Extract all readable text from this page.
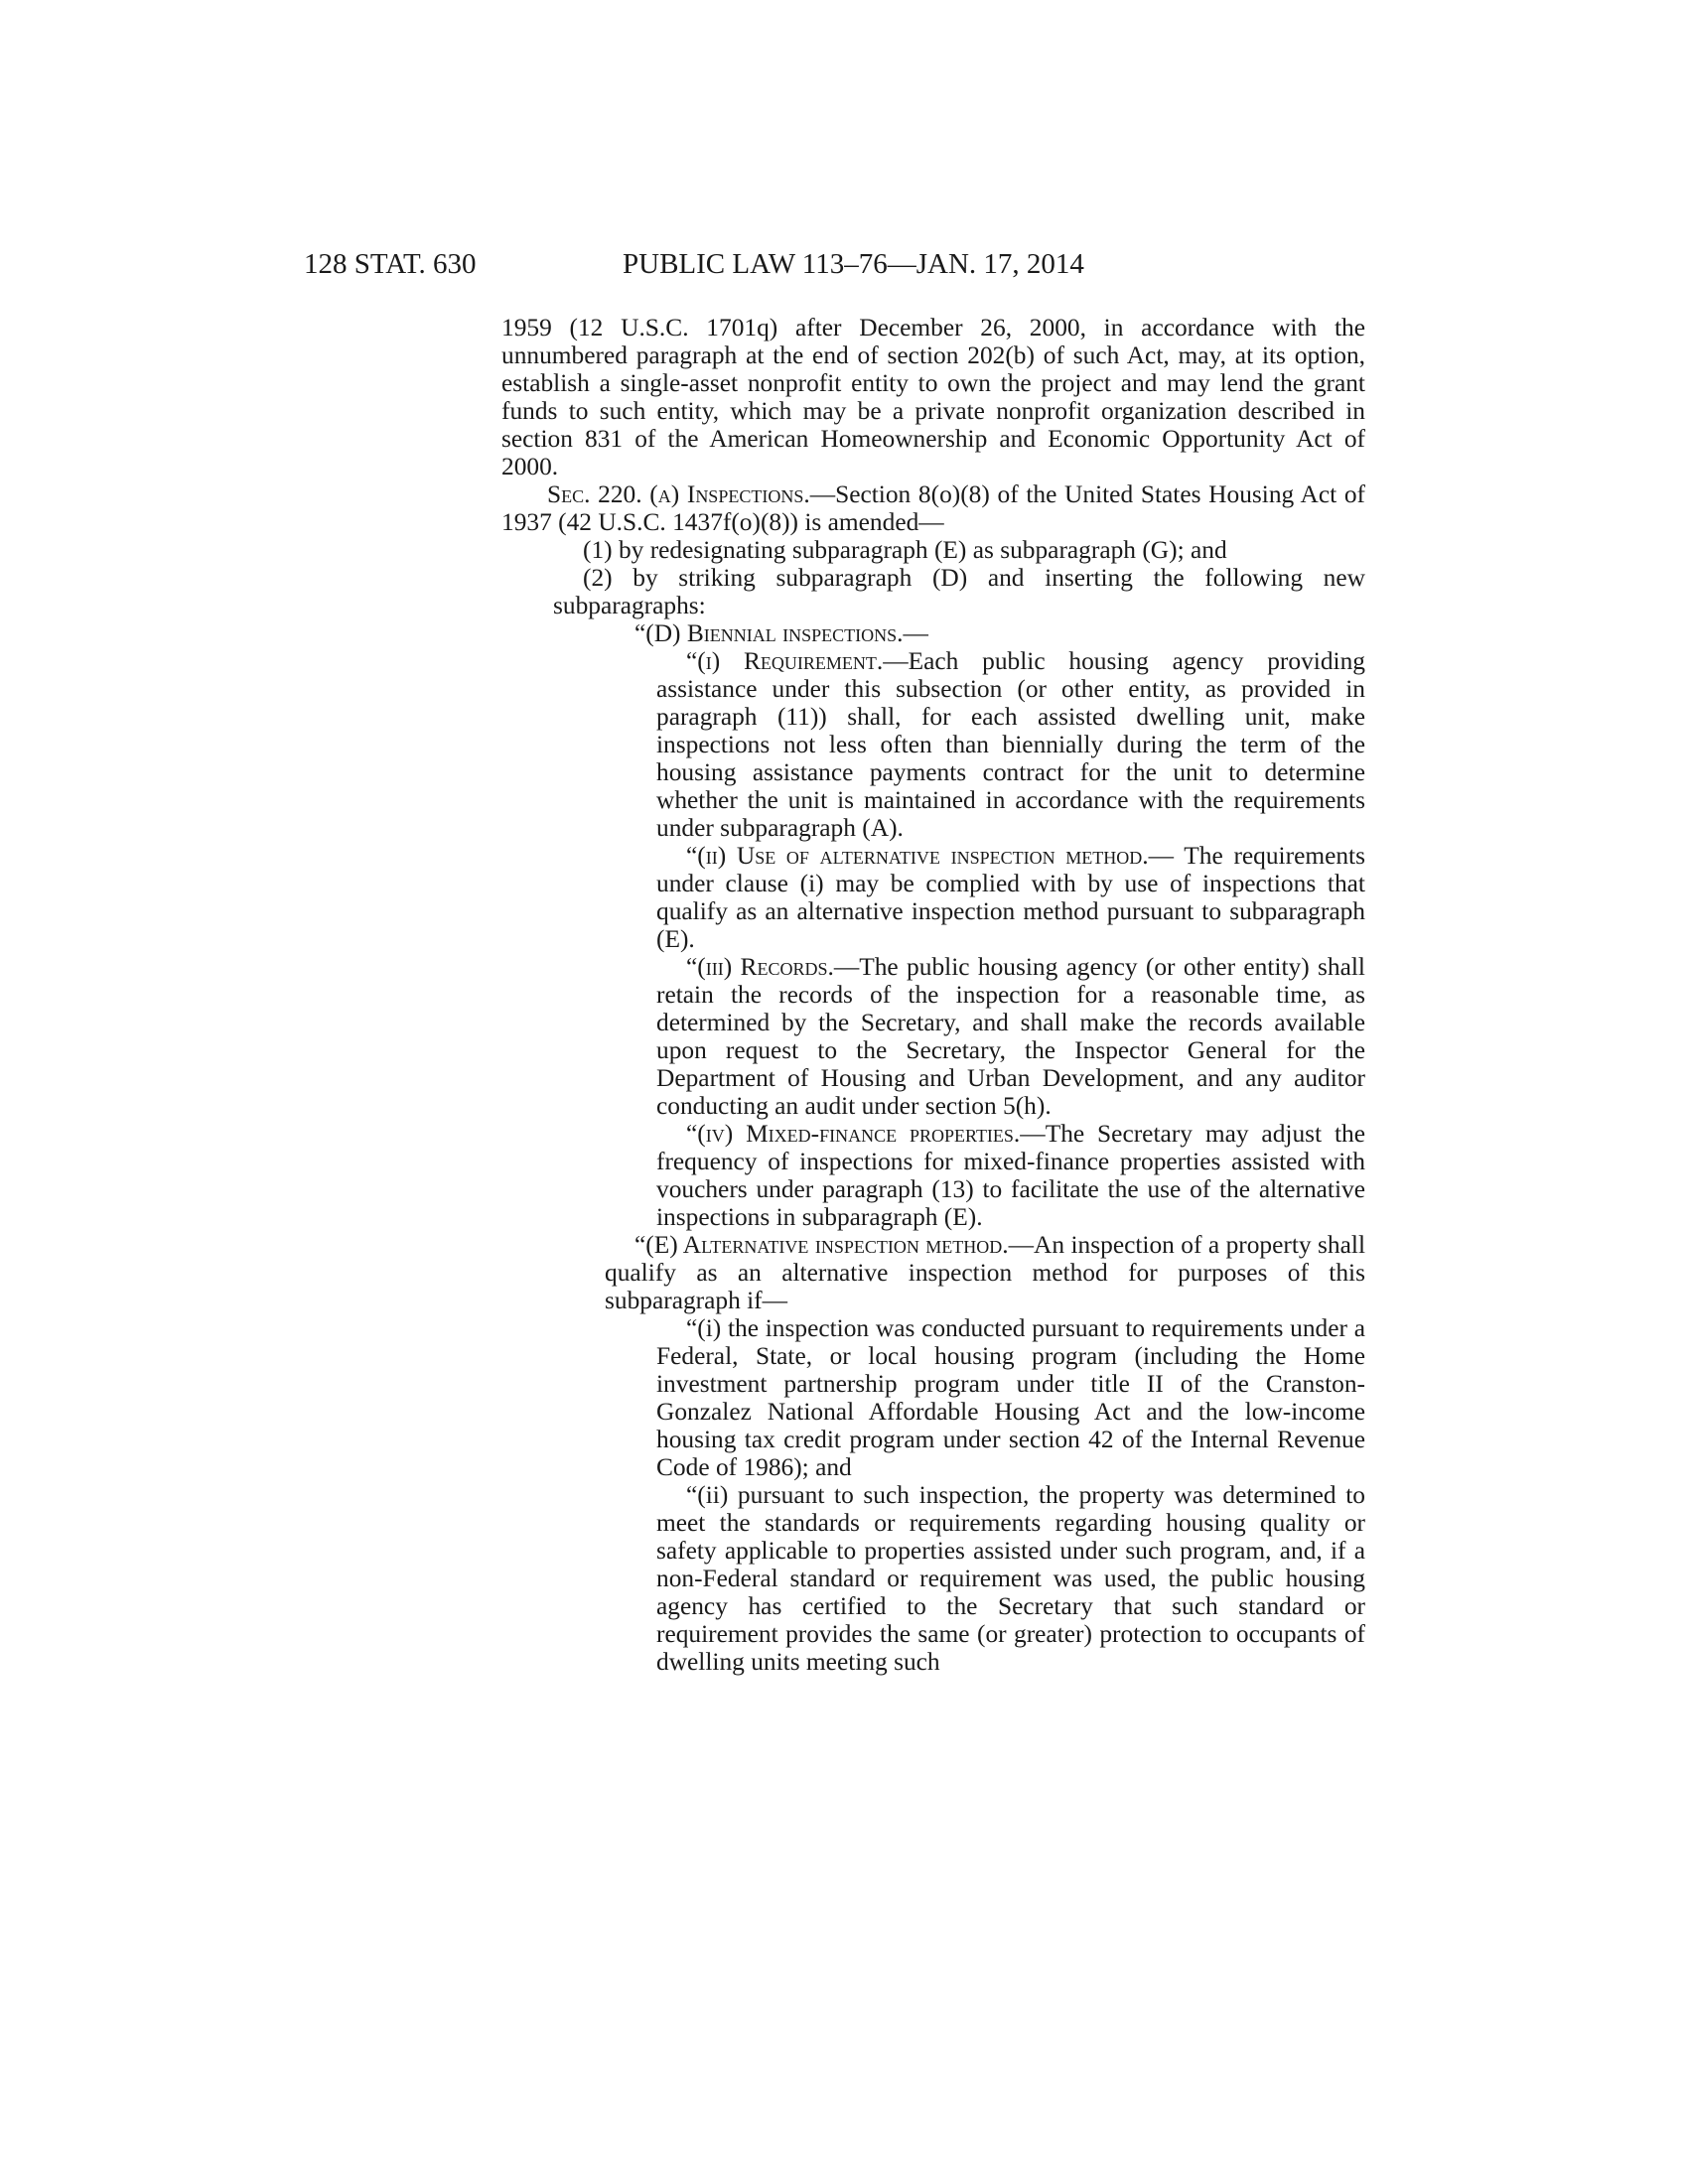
128 STAT. 630	PUBLIC LAW 113–76—JAN. 17, 2014

1959 (12 U.S.C. 1701q) after December 26, 2000, in accordance with the unnumbered paragraph at the end of section 202(b) of such Act, may, at its option, establish a single-asset nonprofit entity to own the project and may lend the grant funds to such entity, which may be a private nonprofit organization described in section 831 of the American Homeownership and Economic Opportunity Act of 2000.

Sec. 220. (a) Inspections.—Section 8(o)(8) of the United States Housing Act of 1937 (42 U.S.C. 1437f(o)(8)) is amended—

(1) by redesignating subparagraph (E) as subparagraph (G); and

(2) by striking subparagraph (D) and inserting the following new subparagraphs:

“(D) Biennial inspections.—

“(i) Requirement.—Each public housing agency providing assistance under this subsection (or other entity, as provided in paragraph (11)) shall, for each assisted dwelling unit, make inspections not less often than biennially during the term of the housing assistance payments contract for the unit to determine whether the unit is maintained in accordance with the requirements under subparagraph (A).

“(ii) Use of alternative inspection method.— The requirements under clause (i) may be complied with by use of inspections that qualify as an alternative inspection method pursuant to subparagraph (E).

“(iii) Records.—The public housing agency (or other entity) shall retain the records of the inspection for a reasonable time, as determined by the Secretary, and shall make the records available upon request to the Secretary, the Inspector General for the Department of Housing and Urban Development, and any auditor conducting an audit under section 5(h).

“(iv) Mixed-finance properties.—The Secretary may adjust the frequency of inspections for mixed-finance properties assisted with vouchers under paragraph (13) to facilitate the use of the alternative inspections in subparagraph (E).

“(E) Alternative inspection method.—An inspection of a property shall qualify as an alternative inspection method for purposes of this subparagraph if—

“(i) the inspection was conducted pursuant to requirements under a Federal, State, or local housing program (including the Home investment partnership program under title II of the Cranston-Gonzalez National Affordable Housing Act and the low-income housing tax credit program under section 42 of the Internal Revenue Code of 1986); and

“(ii) pursuant to such inspection, the property was determined to meet the standards or requirements regarding housing quality or safety applicable to properties assisted under such program, and, if a non-Federal standard or requirement was used, the public housing agency has certified to the Secretary that such standard or requirement provides the same (or greater) protection to occupants of dwelling units meeting such
